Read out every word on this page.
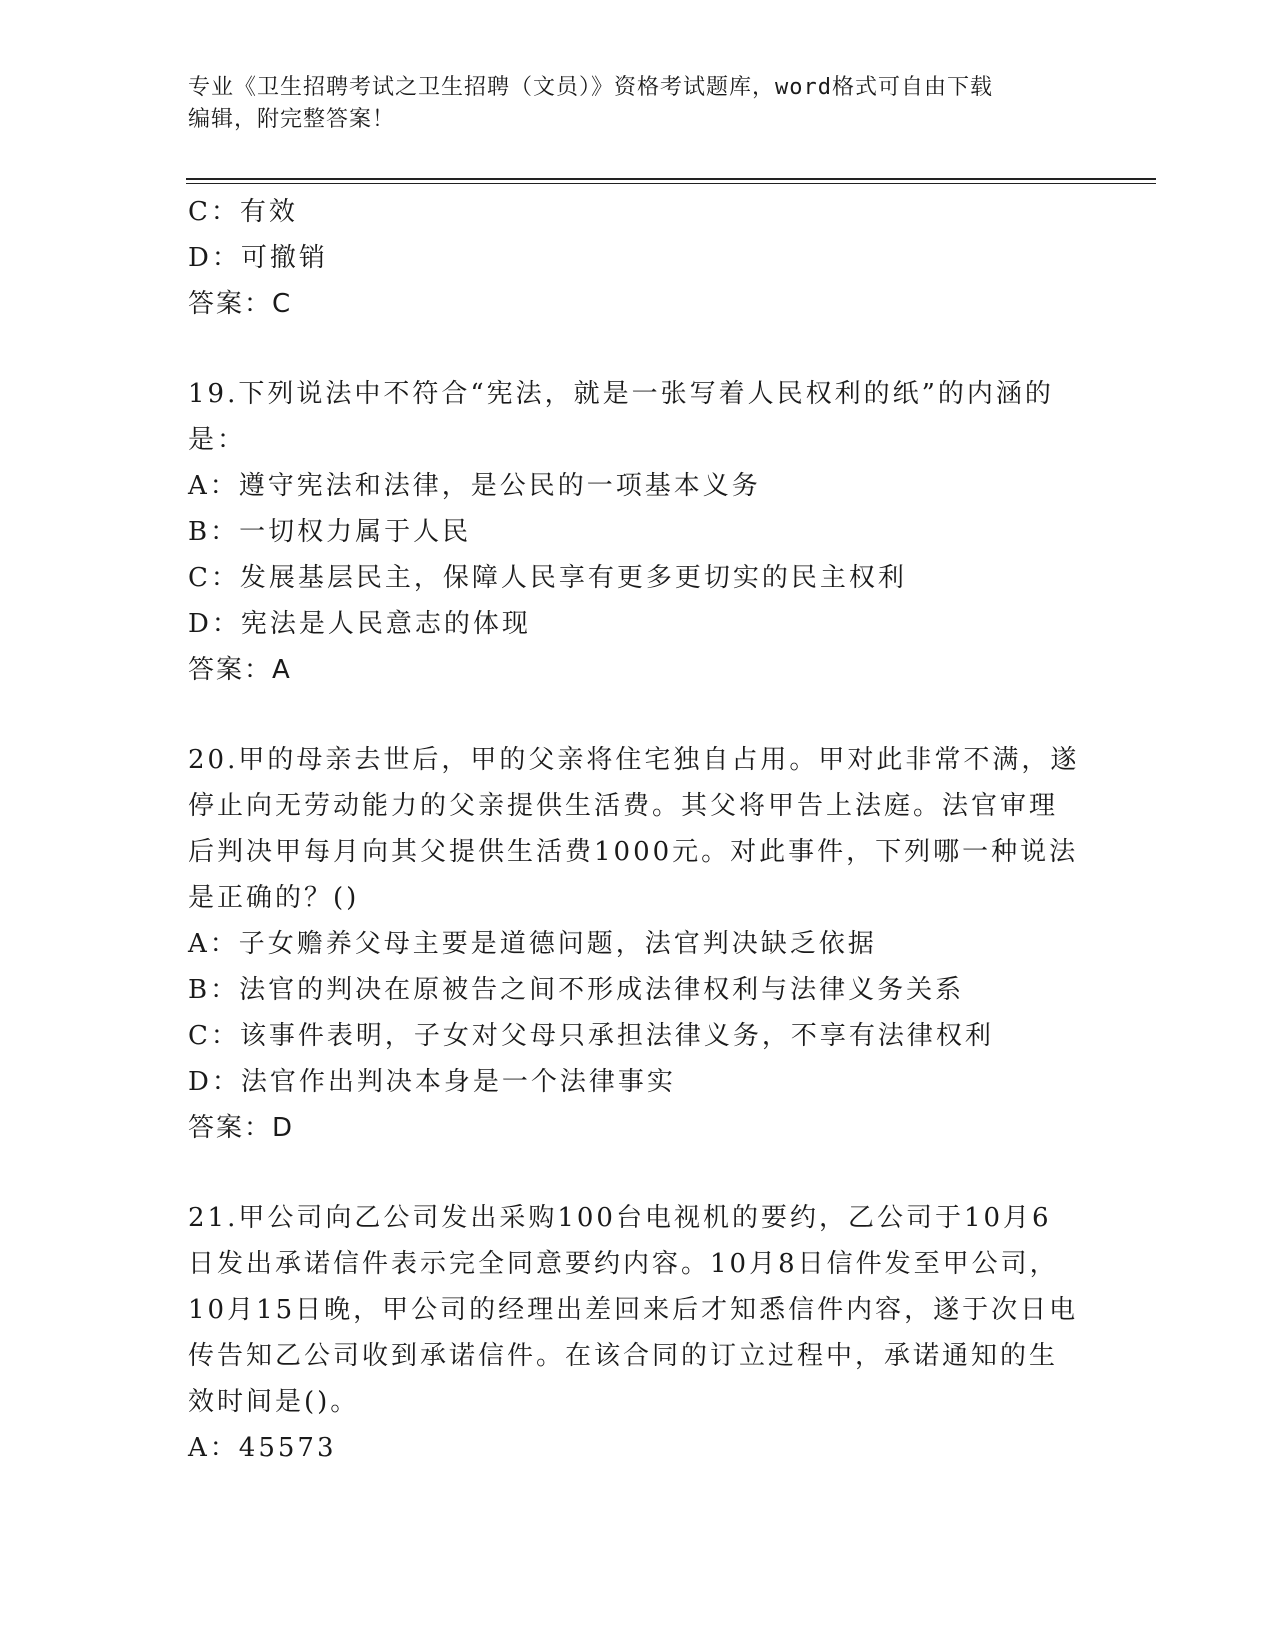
专业《卫生招聘考试之卫生招聘（文员）》资格考试题库，word格式可自由下载
编辑，附完整答案！
C：有效
D：可撤销
答案：C
19.下列说法中不符合“宪法，就是一张写着人民权利的纸”的内涵的
是：
A：遵守宪法和法律，是公民的一项基本义务
B：一切权力属于人民
C：发展基层民主，保障人民享有更多更切实的民主权利
D：宪法是人民意志的体现
答案：A
20.甲的母亲去世后，甲的父亲将住宅独自占用。甲对此非常不满，遂
停止向无劳动能力的父亲提供生活费。其父将甲告上法庭。法官审理
后判决甲每月向其父提供生活费1000元。对此事件，下列哪一种说法
是正确的？()
A：子女赡养父母主要是道德问题，法官判决缺乏依据
B：法官的判决在原被告之间不形成法律权利与法律义务关系
C：该事件表明，子女对父母只承担法律义务，不享有法律权利
D：法官作出判决本身是一个法律事实
答案：D
21.甲公司向乙公司发出采购100台电视机的要约，乙公司于10月6
日发出承诺信件表示完全同意要约内容。10月8日信件发至甲公司，
10月15日晚，甲公司的经理出差回来后才知悉信件内容，遂于次日电
传告知乙公司收到承诺信件。在该合同的订立过程中，承诺通知的生
效时间是()。
A：45573
